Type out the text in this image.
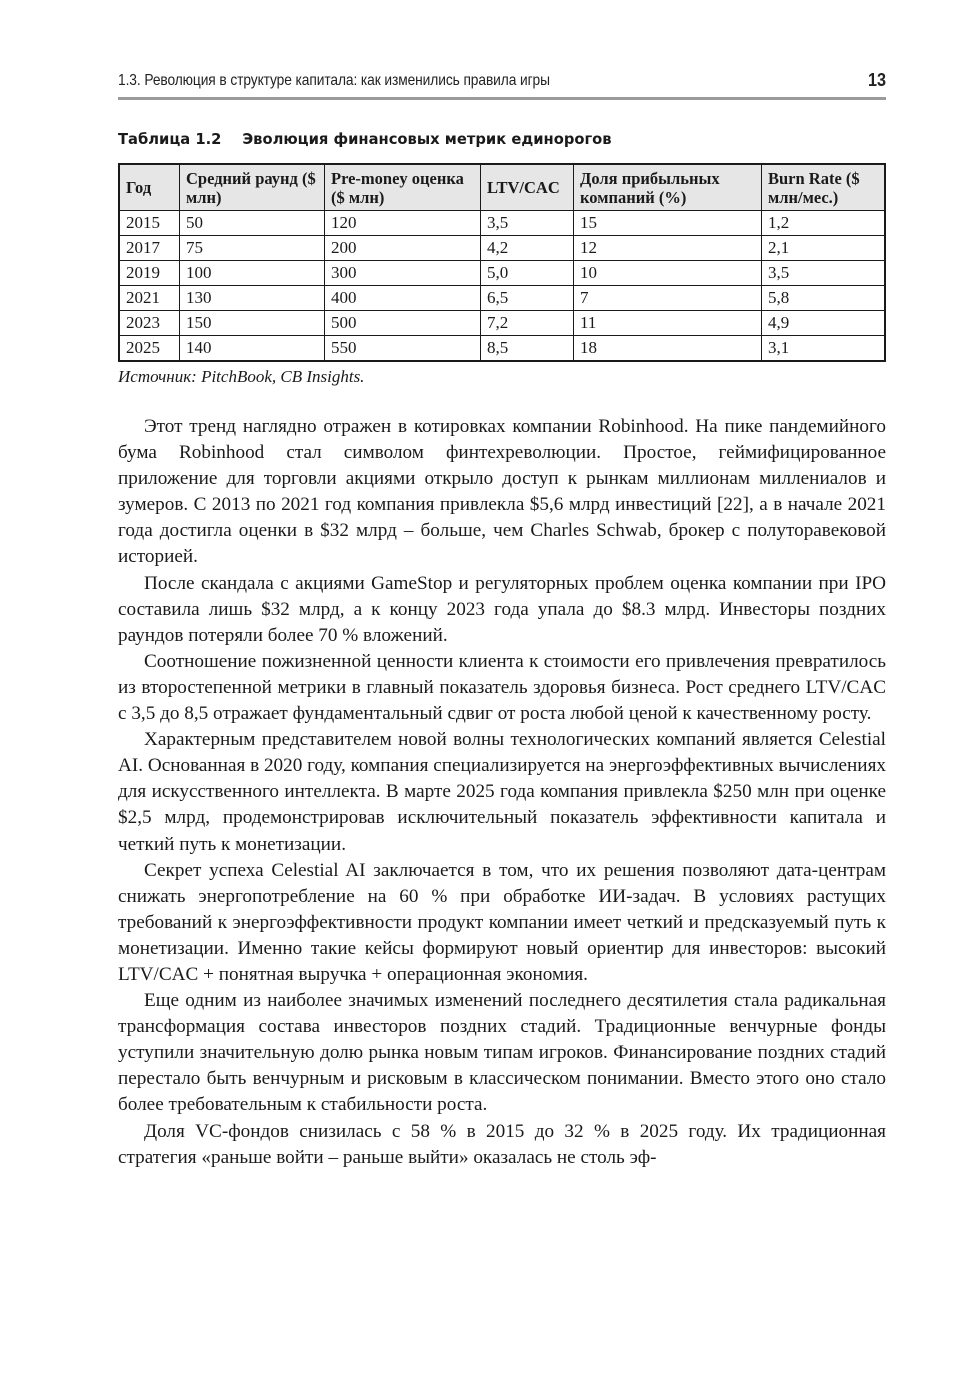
1.3. Революция в структуре капитала: как изменились правила игры	13
Таблица 1.2 Эволюция финансовых метрик единорогов
Год	Средний раунд ($ млн)	Pre-money оценка ($ млн)	LTV/CAC	Доля прибыльных компаний (%)	Burn Rate ($ млн/мес.)
2015	50	120	3,5	15	1,2
2017	75	200	4,2	12	2,1
2019	100	300	5,0	10	3,5
2021	130	400	6,5	7	5,8
2023	150	500	7,2	11	4,9
2025	140	550	8,5	18	3,1
Источник: PitchBook, CB Insights.

Этот тренд наглядно отражен в котировках компании Robinhood. На пике пандемийного бума Robinhood стал символом финтехреволюции. Простое, геймифицированное приложение для торговли акциями открыло доступ к рынкам миллионам миллениалов и зумеров. С 2013 по 2021 год компания привлекла $5,6 млрд инвестиций [22], а в начале 2021 года достигла оценки в $32 млрд – больше, чем Charles Schwab, брокер с полуторавековой историей.

После скандала с акциями GameStop и регуляторных проблем оценка компании при IPO составила лишь $32 млрд, а к концу 2023 года упала до $8.3 млрд. Инвесторы поздних раундов потеряли более 70 % вложений.

Соотношение пожизненной ценности клиента к стоимости его привлечения превратилось из второстепенной метрики в главный показатель здоровья бизнеса. Рост среднего LTV/CAC с 3,5 до 8,5 отражает фундаментальный сдвиг от роста любой ценой к качественному росту.

Характерным представителем новой волны технологических компаний является Celestial AI. Основанная в 2020 году, компания специализируется на энергоэффективных вычислениях для искусственного интеллекта. В марте 2025 года компания привлекла $250 млн при оценке $2,5 млрд, продемонстрировав исключительный показатель эффективности капитала и четкий путь к монетизации.

Секрет успеха Celestial AI заключается в том, что их решения позволяют дата-центрам снижать энергопотребление на 60 % при обработке ИИ-задач. В условиях растущих требований к энергоэффективности продукт компании имеет четкий и предсказуемый путь к монетизации. Именно такие кейсы формируют новый ориентир для инвесторов: высокий LTV/CAC + понятная выручка + операционная экономия.

Еще одним из наиболее значимых изменений последнего десятилетия стала радикальная трансформация состава инвесторов поздних стадий. Традиционные венчурные фонды уступили значительную долю рынка новым типам игроков. Финансирование поздних стадий перестало быть венчурным и рисковым в классическом понимании. Вместо этого оно стало более требовательным к стабильности роста.

Доля VC-фондов снизилась с 58 % в 2015 до 32 % в 2025 году. Их традиционная стратегия «раньше войти – раньше выйти» оказалась не столь эф-
